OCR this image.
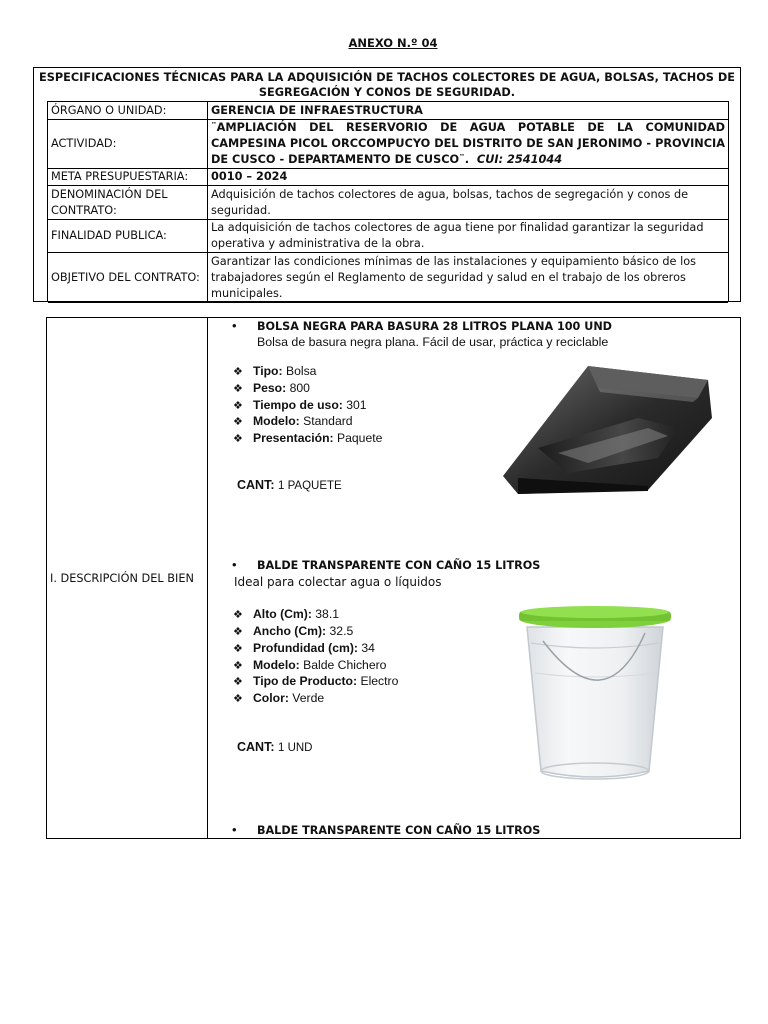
ANEXO N.º 04
ESPECIFICACIONES TÉCNICAS PARA LA ADQUISICIÓN DE TACHOS COLECTORES DE AGUA, BOLSAS, TACHOS DE SEGREGACIÓN Y CONOS DE SEGURIDAD.
ÓRGANO O UNIDAD:	GERENCIA DE INFRAESTRUCTURA
ACTIVIDAD:
¨AMPLIACIÓN DEL RESERVORIO DE AGUA POTABLE DE LA COMUNIDAD CAMPESINA PICOL ORCCOMPUCYO DEL DISTRITO DE SAN JERONIMO - PROVINCIA DE CUSCO - DEPARTAMENTO DE CUSCO¨. CUI: 2541044
META PRESUPUESTARIA:	0010 – 2024
DENOMINACIÓN DEL CONTRATO:
Adquisición de tachos colectores de agua, bolsas, tachos de segregación y conos de seguridad.
FINALIDAD PUBLICA:
La adquisición de tachos colectores de agua tiene por finalidad garantizar la seguridad operativa y administrativa de la obra.
OBJETIVO DEL CONTRATO:
Garantizar las condiciones mínimas de las instalaciones y equipamiento básico de los trabajadores según el Reglamento de seguridad y salud en el trabajo de los obreros municipales.
I. DESCRIPCIÓN DEL BIEN
• BOLSA NEGRA PARA BASURA 28 LITROS PLANA 100 UND
Bolsa de basura negra plana. Fácil de usar, práctica y reciclable
❖ Tipo: Bolsa
❖ Peso: 800
❖ Tiempo de uso: 301
❖ Modelo: Standard
❖ Presentación: Paquete
CANT: 1 PAQUETE
• BALDE TRANSPARENTE CON CAÑO 15 LITROS
Ideal para colectar agua o líquidos
❖ Alto (Cm): 38.1
❖ Ancho (Cm): 32.5
❖ Profundidad (cm): 34
❖ Modelo: Balde Chichero
❖ Tipo de Producto: Electro
❖ Color: Verde
CANT: 1 UND
• BALDE TRANSPARENTE CON CAÑO 15 LITROS
